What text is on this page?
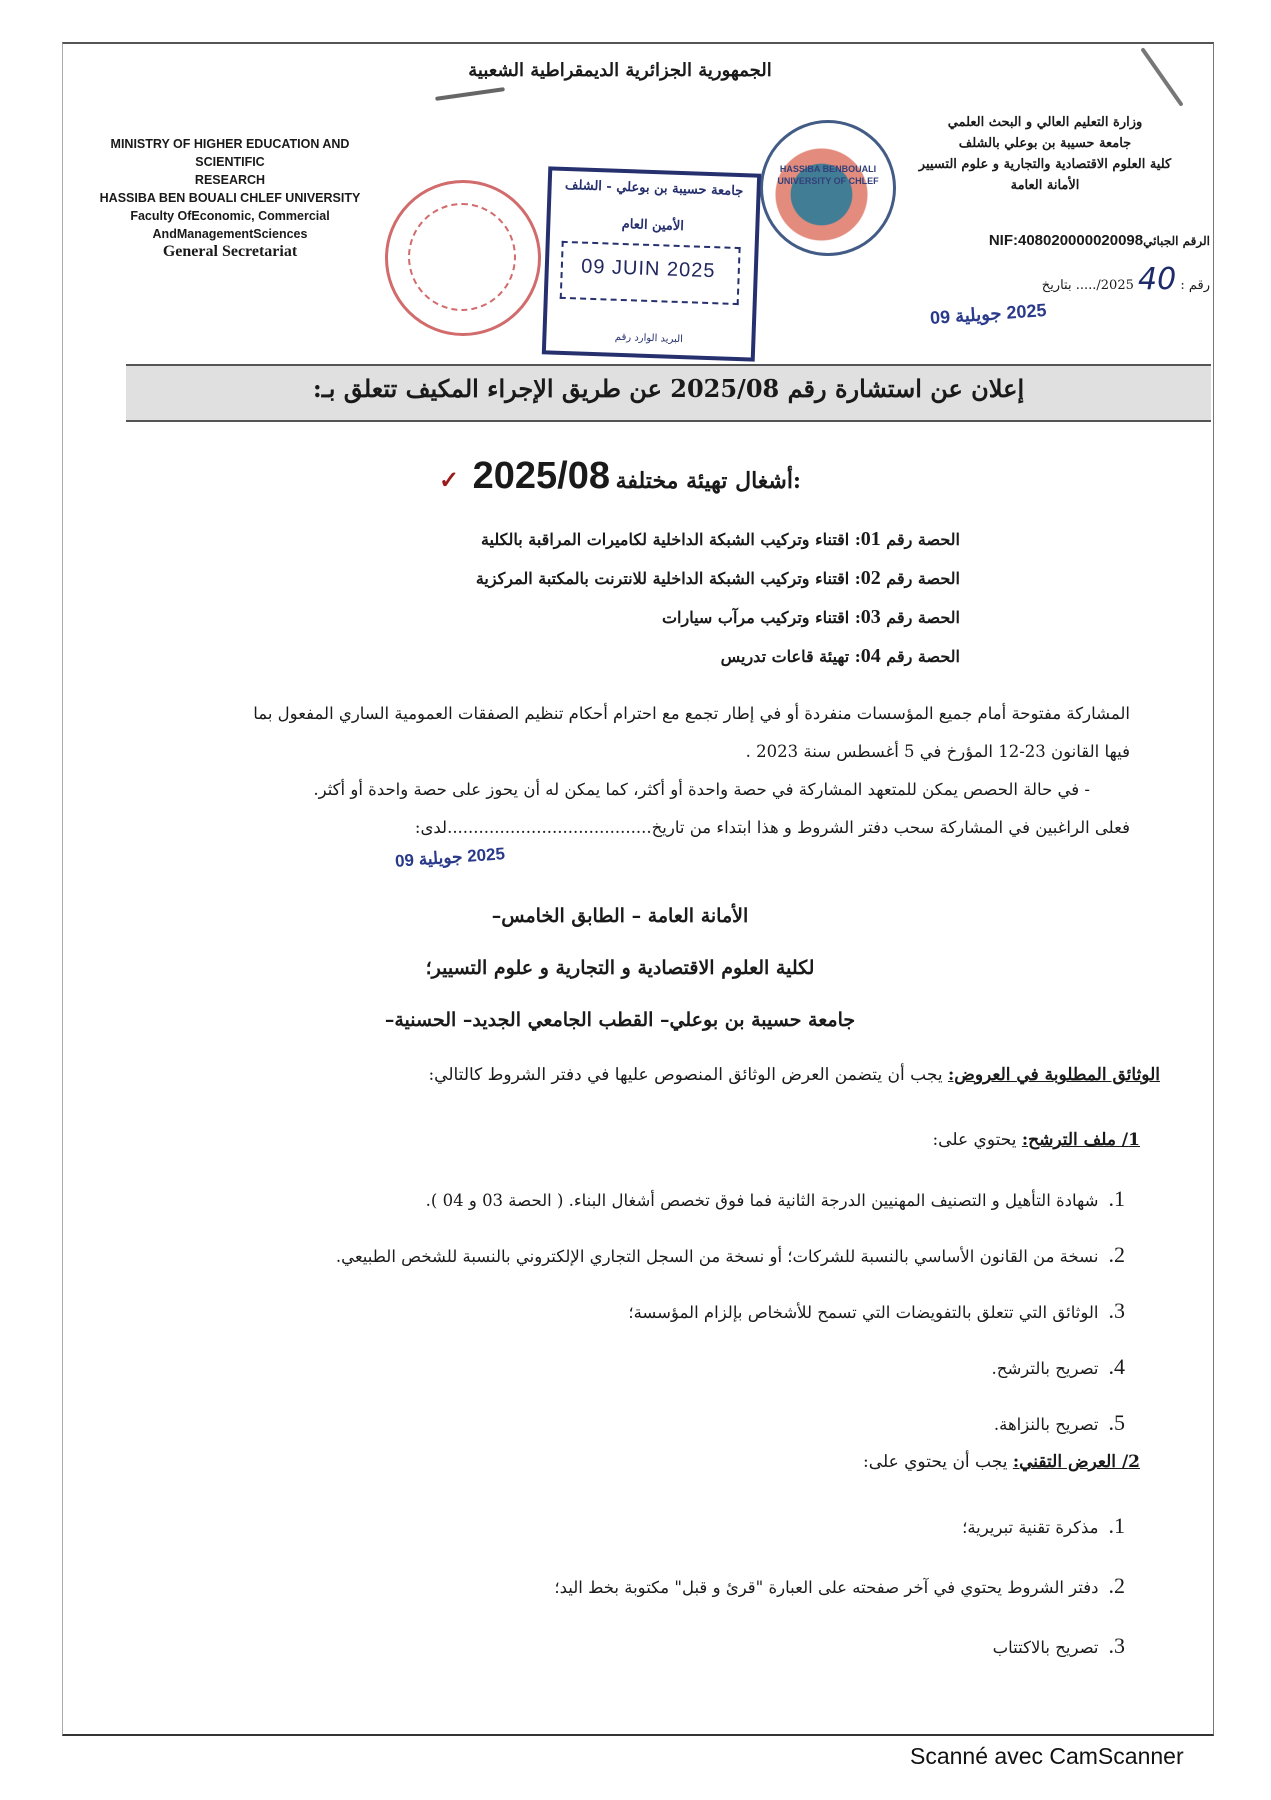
الجمهورية الجزائرية الديمقراطية الشعبية
MINISTRY OF HIGHER EDUCATION AND SCIENTIFIC
RESEARCH
HASSIBA BEN BOUALI CHLEF UNIVERSITY
Faculty OfEconomic, Commercial
AndManagementSciences
General Secretariat
جامعة حسيبة بن بوعلي - الشلف
الأمين العام
09 JUIN 2025
البريد الوارد رقم
HASSIBA BENBOUALI UNIVERSITY OF CHLEF
وزارة التعليم العالي و البحث العلمي
جامعة حسيبة بن بوعلي بالشلف
كلية العلوم الاقتصادية والتجارية و علوم التسيير
الأمانة العامة
الرقم الجبائي408020000020098:NIF
رقم : 40 2025/..... بتاريخ
2025 جويلية 09
إعلان عن استشارة رقم 2025/08 عن طريق الإجراء المكيف تتعلق بـ:
:أشغال تهيئة مختلفة 2025/08 ✓
الحصة رقم 01: اقتناء وتركيب الشبكة الداخلية لكاميرات المراقبة بالكلية
الحصة رقم 02: اقتناء وتركيب الشبكة الداخلية للانترنت بالمكتبة المركزية
الحصة رقم 03: اقتناء وتركيب مرآب سيارات
الحصة رقم 04: تهيئة قاعات تدريس
المشاركة مفتوحة أمام جميع المؤسسات منفردة أو في إطار تجمع مع احترام أحكام تنظيم الصفقات العمومية الساري المفعول بما
فيها القانون 23-12 المؤرخ في 5 أغسطس سنة 2023 .
- في حالة الحصص يمكن للمتعهد المشاركة في حصة واحدة أو أكثر، كما يمكن له أن يحوز على حصة واحدة أو أكثر.
فعلى الراغبين في المشاركة سحب دفتر الشروط و هذا ابتداء من تاريخ.......................................لدى:
2025 جويلية 09
الأمانة العامة – الطابق الخامس–
لكلية العلوم الاقتصادية و التجارية و علوم التسيير؛
جامعة حسيبة بن بوعلي– القطب الجامعي الجديد– الحسنية–
الوثائق المطلوبة في العروض: يجب أن يتضمن العرض الوثائق المنصوص عليها في دفتر الشروط كالتالي:
1/ ملف الترشح: يحتوي على:
1.شهادة التأهيل و التصنيف المهنيين الدرجة الثانية فما فوق تخصص أشغال البناء. ( الحصة 03 و 04 ).
2.نسخة من القانون الأساسي بالنسبة للشركات؛ أو نسخة من السجل التجاري الإلكتروني بالنسبة للشخص الطبيعي.
3.الوثائق التي تتعلق بالتفويضات التي تسمح للأشخاص بإلزام المؤسسة؛
4.تصريح بالترشح.
5.تصريح بالنزاهة.
2/ العرض التقني: يجب أن يحتوي على:
1.مذكرة تقنية تبريرية؛
2.دفتر الشروط يحتوي في آخر صفحته على العبارة "قرئ و قبل" مكتوبة بخط اليد؛
3.تصريح بالاكتتاب
Scanné avec CamScanner
